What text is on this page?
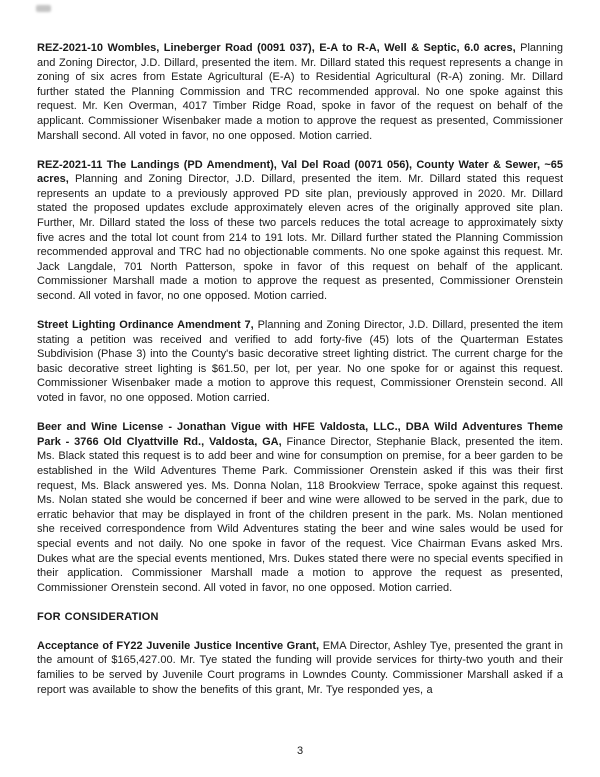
REZ-2021-10 Wombles, Lineberger Road (0091 037), E-A to R-A, Well & Septic, 6.0 acres, Planning and Zoning Director, J.D. Dillard, presented the item. Mr. Dillard stated this request represents a change in zoning of six acres from Estate Agricultural (E-A) to Residential Agricultural (R-A) zoning. Mr. Dillard further stated the Planning Commission and TRC recommended approval. No one spoke against this request. Mr. Ken Overman, 4017 Timber Ridge Road, spoke in favor of the request on behalf of the applicant. Commissioner Wisenbaker made a motion to approve the request as presented, Commissioner Marshall second. All voted in favor, no one opposed. Motion carried.

REZ-2021-11 The Landings (PD Amendment), Val Del Road (0071 056), County Water & Sewer, ~65 acres, Planning and Zoning Director, J.D. Dillard, presented the item. Mr. Dillard stated this request represents an update to a previously approved PD site plan, previously approved in 2020. Mr. Dillard stated the proposed updates exclude approximately eleven acres of the originally approved site plan. Further, Mr. Dillard stated the loss of these two parcels reduces the total acreage to approximately sixty five acres and the total lot count from 214 to 191 lots. Mr. Dillard further stated the Planning Commission recommended approval and TRC had no objectionable comments. No one spoke against this request. Mr. Jack Langdale, 701 North Patterson, spoke in favor of this request on behalf of the applicant. Commissioner Marshall made a motion to approve the request as presented, Commissioner Orenstein second. All voted in favor, no one opposed. Motion carried.

Street Lighting Ordinance Amendment 7, Planning and Zoning Director, J.D. Dillard, presented the item stating a petition was received and verified to add forty-five (45) lots of the Quarterman Estates Subdivision (Phase 3) into the County's basic decorative street lighting district. The current charge for the basic decorative street lighting is $61.50, per lot, per year. No one spoke for or against this request. Commissioner Wisenbaker made a motion to approve this request, Commissioner Orenstein second. All voted in favor, no one opposed. Motion carried.

Beer and Wine License - Jonathan Vigue with HFE Valdosta, LLC., DBA Wild Adventures Theme Park - 3766 Old Clyattville Rd., Valdosta, GA, Finance Director, Stephanie Black, presented the item. Ms. Black stated this request is to add beer and wine for consumption on premise, for a beer garden to be established in the Wild Adventures Theme Park. Commissioner Orenstein asked if this was their first request, Ms. Black answered yes. Ms. Donna Nolan, 118 Brookview Terrace, spoke against this request. Ms. Nolan stated she would be concerned if beer and wine were allowed to be served in the park, due to erratic behavior that may be displayed in front of the children present in the park. Ms. Nolan mentioned she received correspondence from Wild Adventures stating the beer and wine sales would be used for special events and not daily. No one spoke in favor of the request. Vice Chairman Evans asked Mrs. Dukes what are the special events mentioned, Mrs. Dukes stated there were no special events specified in their application. Commissioner Marshall made a motion to approve the request as presented, Commissioner Orenstein second. All voted in favor, no one opposed. Motion carried.

FOR CONSIDERATION

Acceptance of FY22 Juvenile Justice Incentive Grant, EMA Director, Ashley Tye, presented the grant in the amount of $165,427.00. Mr. Tye stated the funding will provide services for thirty-two youth and their families to be served by Juvenile Court programs in Lowndes County. Commissioner Marshall asked if a report was available to show the benefits of this grant, Mr. Tye responded yes, a

3
